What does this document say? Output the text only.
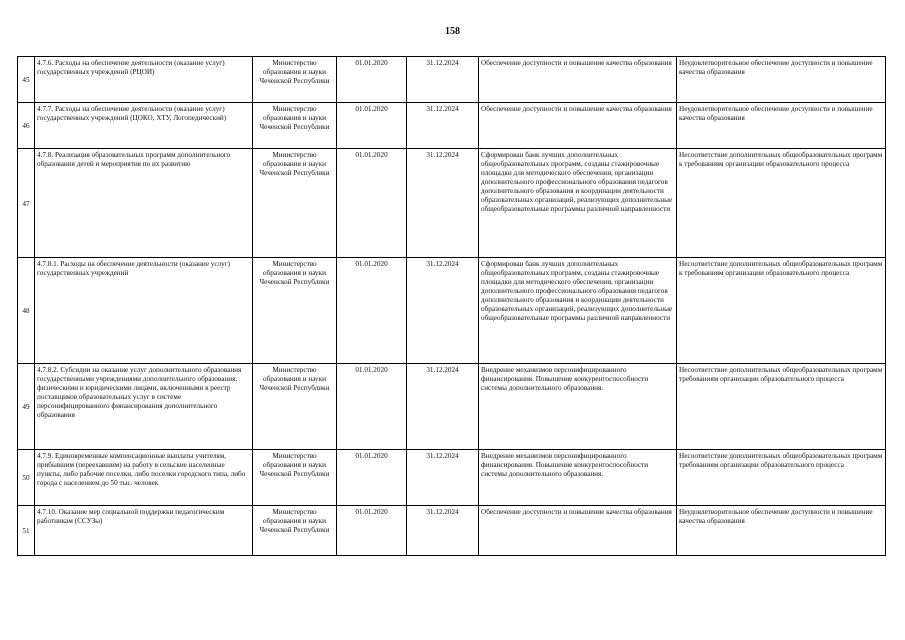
158
45	4.7.6. Расходы на обеспечение деятельности (оказание услуг) государственных учреждений (РЦОИ)	Министерство образования и науки Чеченской Республики	01.01.2020	31.12.2024	Обеспечение доступности и повышение качества образования	Неудовлетворительное обеспечение доступности и повышение качества образования
46	4.7.7. Расходы на обеспечение деятельности (оказание услуг) государственных учреждений (ЦОКО, ХТУ, Логопедический)	Министерство образования и науки Чеченской Республики	01.01.2020	31.12.2024	Обеспечение доступности и повышение качества образования	Неудовлетворительное обеспечение доступности и повышение качества образования
47	4.7.8. Реализация образовательных программ дополнительного образования детей и мероприятия по их развитию	Министерство образования и науки Чеченской Республики	01.01.2020	31.12.2024	Сформирован банк лучших дополнительных общеобразовательных программ, созданы стажировочные площадки для методического обеспечения, организации дополнительного профессионального образования педагогов дополнительного образования и координации деятельности образовательных организаций, реализующих дополнительные общеобразовательные программы различной направленности	Несоответствие дополнительных общеобразовательных программ к требованиям организации образовательного процесса
48	4.7.8.1. Расходы на обеспечение деятельности (оказание услуг) государственных учреждений	Министерство образования и науки Чеченской Республики	01.01.2020	31.12.2024	Сформирован банк лучших дополнительных общеобразовательных программ, созданы стажировочные площадки для методического обеспечения, организации дополнительного профессионального образования педагогов дополнительного образования и координации деятельности образовательных организаций, реализующих дополнительные общеобразовательные программы различной направленности	Несоответствие дополнительных общеобразовательных программ к требованиям организации образовательного процесса
49	4.7.8.2. Субсидии на оказание услуг дополнительного образования государственными учреждениями дополнительного образования, физическими и юридическими лицами, включенными в реестр поставщиков образовательных услуг в системе персонифицированного финансирования дополнительного образования	Министерство образования и науки Чеченской Республики	01.01.2020	31.12.2024	Внедрение механизмов персонифицированного финансирования. Повышение конкурентоспособности системы дополнительного образования.	Несоответствие дополнительных общеобразовательных программ требованиям организации образовательного процесса
50	4.7.9. Единовременные компенсационные выплаты учителям, прибывшим (переехавшим) на работу в сельские населенные пункты, либо рабочие поселки, либо поселки городского типа, либо города с населением до 50 тыс. человек	Министерство образования и науки Чеченской Республики	01.01.2020	31.12.2024	Внедрение механизмов персонифицированного финансирования. Повышение конкурентоспособности системы дополнительного образования.	Несоответствие дополнительных общеобразовательных программ требованиям организации образовательного процесса
51	4.7.10. Оказание мер социальной поддержки педагогическим работникам (ССУЗы)	Министерство образования и науки Чеченской Республики	01.01.2020	31.12.2024	Обеспечение доступности и повышение качества образования	Неудовлетворительное обеспечение доступности и повышение качества образования
